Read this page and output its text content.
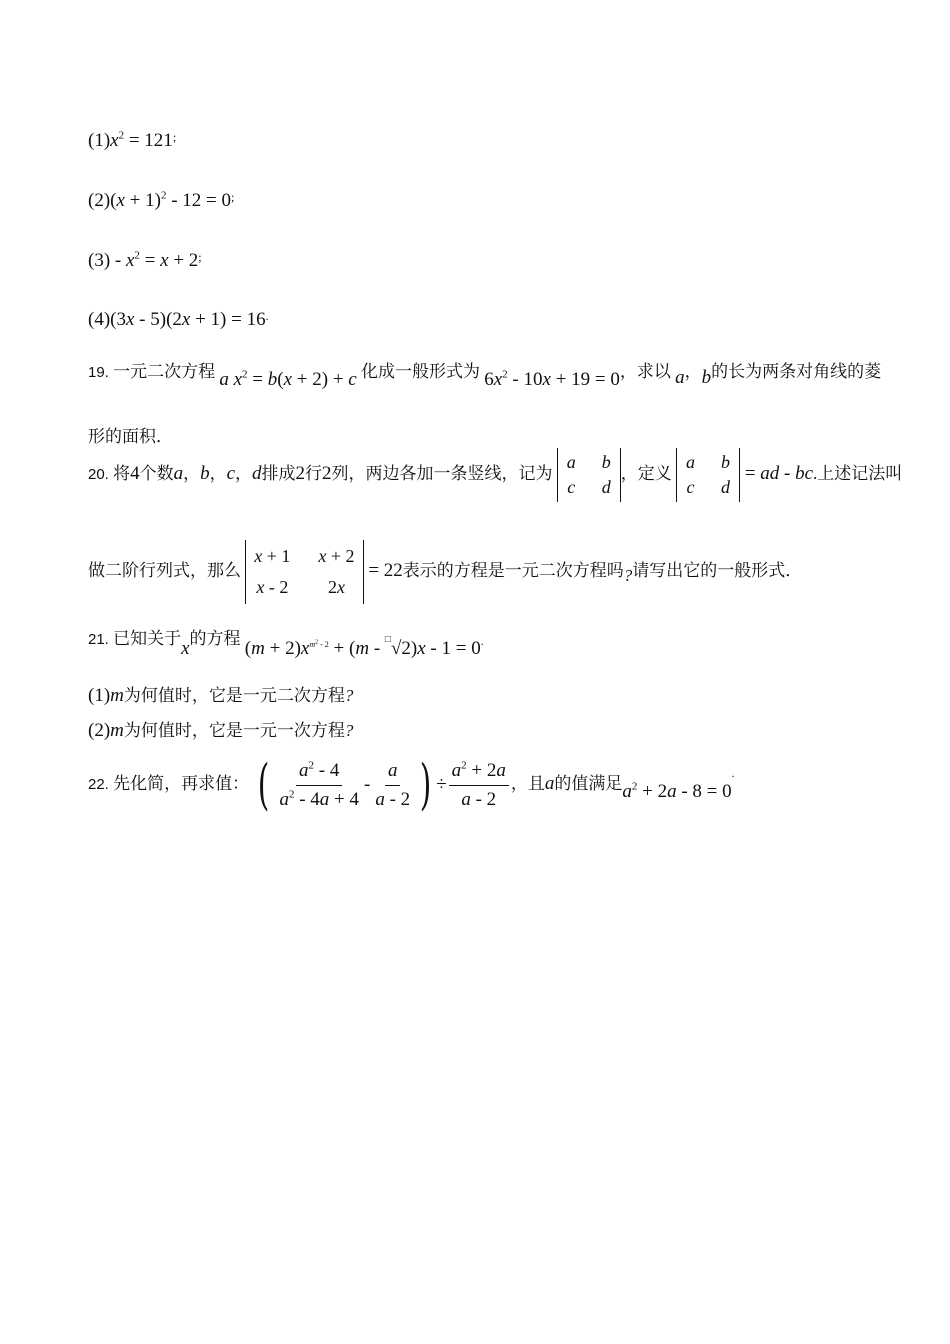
$(1)x^2 = 121^;$
$(2)(x + 1)^2 - 12 = 0^;$
$(3) - x^2 = x + 2^;$
(4)(3x - 5)(2x + 1) = 16.
19. 一元二次方程 a $x^2 = b(x + 2) + c$ 化成一般形式为 $6x^2 - 10x + 19 = 0$，求以 a，b的长为两条对角线的菱
形的面积．
20. 将4个数a，b，c，d排成2行2列，两边各加一条竖线，记为
a	b
c	d
，定义
a	b
c	d
= ad - bc.上述记法叫
做二阶行列式，那么
x + 1	x + 2
x - 2	2x
= 22表示的方程是一元二次方程吗?请写出它的一般形式．
21. 已知关于x的方程 $(m + 2)x^{m^2 - 2} + (m - ^□√2)x - 1 = 0^.$
(1)m为何值时，它是一元二次方程?
(2)m为何值时，它是一元一次方程?
22. 先化简，再求值： ( $\frac{a^2 - 4}{a^2 - 4a + 4} - \frac{a}{a - 2}$ ) ÷ $\frac{a^2 + 2a}{a - 2}$ ，且a的值满足$a^2 + 2a - 8 = 0^.$
